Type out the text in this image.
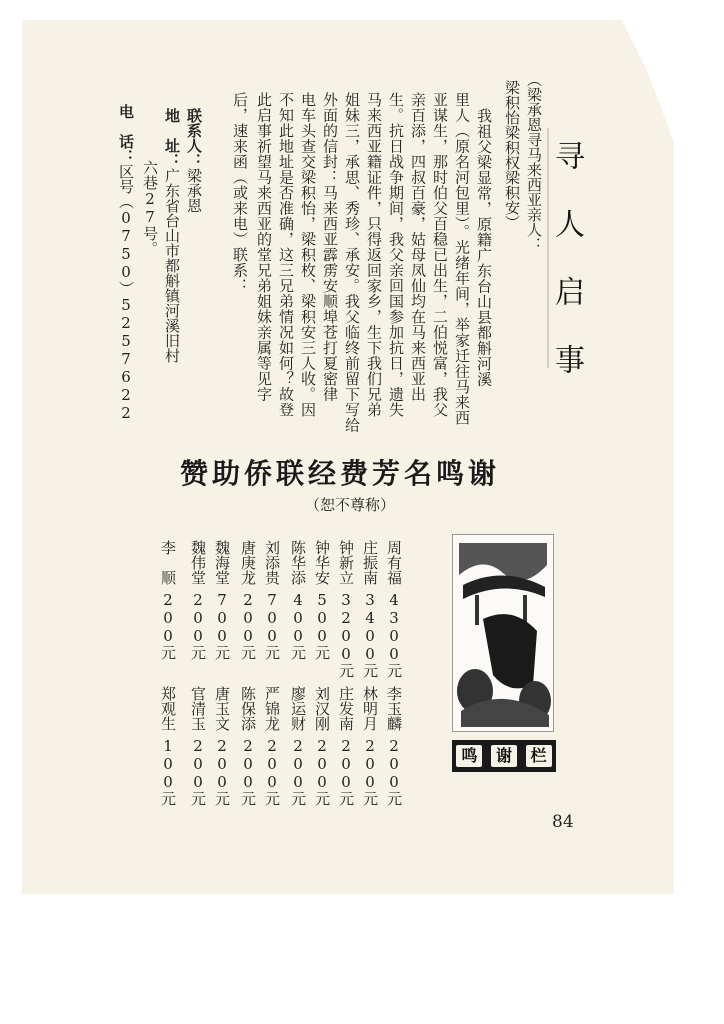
寻人启事
（梁承恩寻马来西亚亲人：
梁积怡梁积权梁积安）
我祖父梁显常，原籍广东台山县都斛河溪
里人（原名河包里）。光绪年间，举家迁往马来西
亚谋生，那时伯父百稳已出生，二伯悦富，我父
亲百添，四叔百豪，姑母凤仙均在马来西亚出
生。抗日战争期间，我父亲回国参加抗日，遗失
马来西亚籍证件，只得返回家乡，生下我们兄弟
姐妹三，承思、秀珍、承安。我父临终前留下写给
外面的信封：马来西亚霹雳安顺埠苍打夏密律
电车头查交梁积怡，梁积枚、梁积安三人收。因
不知此地址是否准确，这三兄弟情况如何？故登
此启事祈望马来西亚的堂兄弟姐妹亲属等见字
后，速来函（或来电）联系：
联系人：梁承恩
地　址：广东省台山市都斛镇河溪旧村
六巷27号。
电　话：区号（0750）5257622
赞助侨联经费芳名鸣谢
（恕不尊称）
周有福4300元
庄振南3400元
钟新立3200元
钟华安500元
陈华添400元
刘添贵700元
唐庚龙200元
魏海堂700元
魏伟堂200元
李　顺200元
李玉麟200元
林明月200元
庄发南200元
刘汉刚200元
廖运财200元
严锦龙200元
陈保添200元
唐玉文200元
官清玉200元
郑观生100元	鸣	谢	栏
84
